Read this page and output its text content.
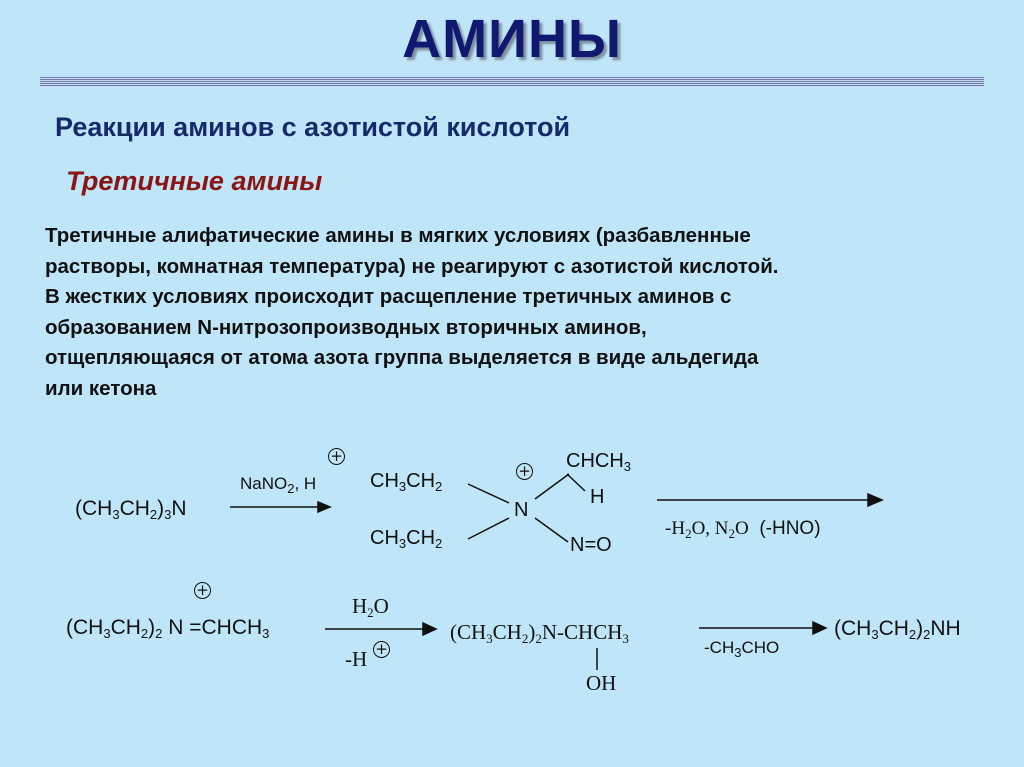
АМИНЫ
Реакции аминов с азотистой кислотой
Третичные амины
Третичные алифатические амины в мягких условиях (разбавленные
растворы, комнатная температура) не реагируют с азотистой кислотой.
В жестких условиях происходит расщепление третичных аминов с
образованием N-нитрозопроизводных вторичных аминов,
отщепляющаяся от атома азота группа выделяется в виде альдегида
или кетона
$(CH_3CH_2)_3N$
NaNO$_2$, H
+
$CH_3CH_2$
$CH_3CH_2$
+
N
$CHCH_3$
H
N=O
$-H_2O$, $N_2O$ (-HNO)
+
$(CH_3CH_2)_2$ $N =CHCH_3$
$H_2O$
-H +
$(CH_3CH_2)_2N-CHCH_3$
OH
$-CH_3CHO$
$(CH_3CH_2)_2NH$
